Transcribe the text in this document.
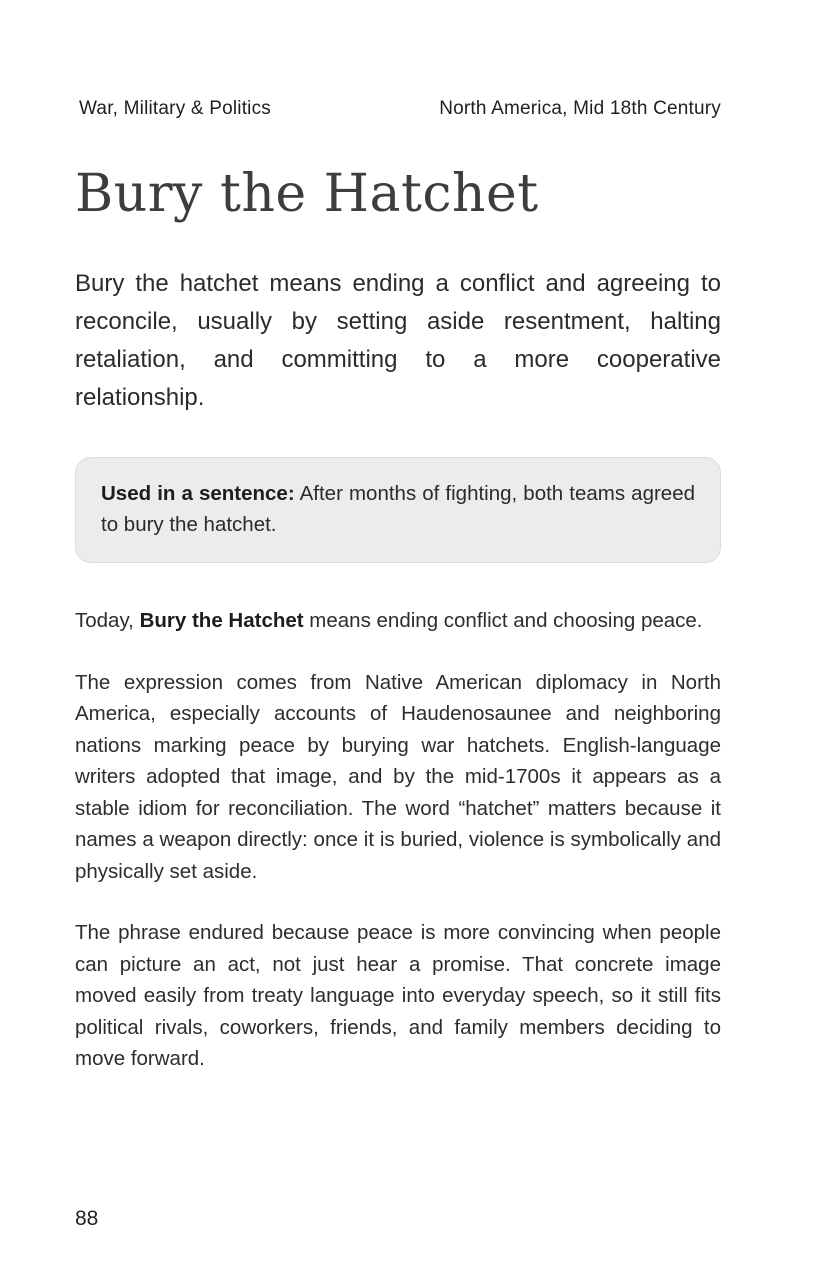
War, Military & Politics	North America, Mid 18th Century
Bury the Hatchet

Bury the hatchet means ending a conflict and agreeing to reconcile, usually by setting aside resentment, halting retaliation, and committing to a more cooperative relationship.

Used in a sentence: After months of fighting, both teams agreed to bury the hatchet.

Today, Bury the Hatchet means ending conflict and choosing peace.

The expression comes from Native American diplomacy in North America, especially accounts of Haudenosaunee and neighboring nations marking peace by burying war hatchets. English-language writers adopted that image, and by the mid-1700s it appears as a stable idiom for reconciliation. The word “hatchet” matters because it names a weapon directly: once it is buried, violence is symbolically and physically set aside.

The phrase endured because peace is more convincing when people can picture an act, not just hear a promise. That concrete image moved easily from treaty language into everyday speech, so it still fits political rivals, coworkers, friends, and family members deciding to move forward.

88
